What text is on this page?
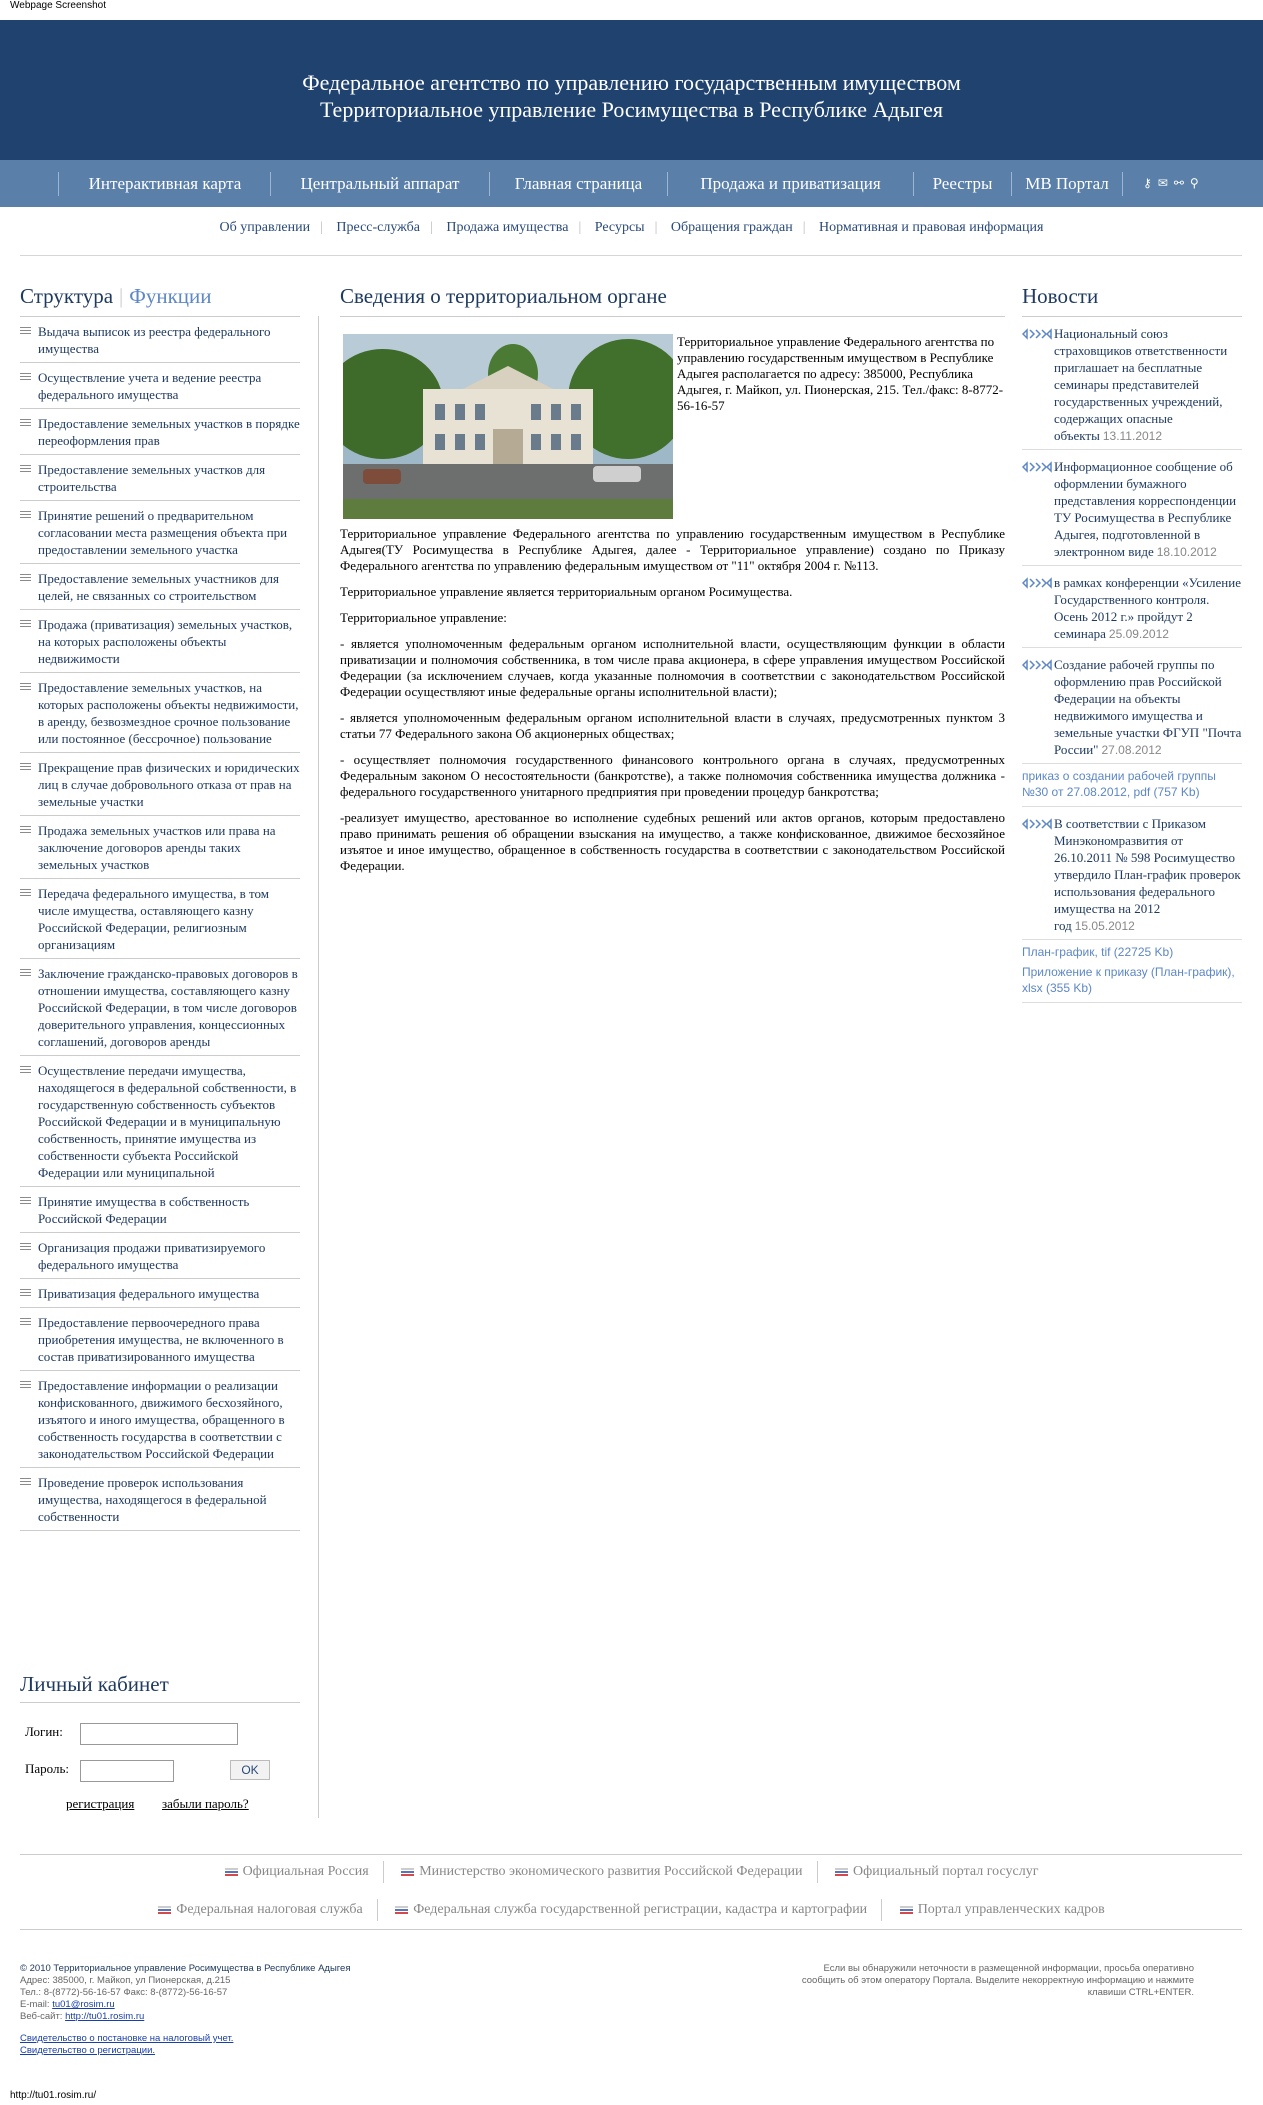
Webpage Screenshot
Федеральное агентство по управлению государственным имуществом
Территориальное управление Росимущества в Республике Адыгея
Интерактивная карта	Центральный аппарат	Главная страница	Продажа и приватизация	Реестры	МВ Портал	⚷✉⚯⚲
Об управлении | Пресс-служба | Продажа имущества | Ресурсы | Обращения граждан | Нормативная и правовая информация
Структура | Функции
Выдача выписок из реестра федерального имущества
Осуществление учета и ведение реестра федерального имущества
Предоставление земельных участков в порядке переоформления прав
Предоставление земельных участков для строительства
Принятие решений о предварительном согласовании места размещения объекта при предоставлении земельного участка
Предоставление земельных участников для целей, не связанных со строительством
Продажа (приватизация) земельных участков, на которых расположены объекты недвижимости
Предоставление земельных участков, на которых расположены объекты недвижимости, в аренду, безвозмездное срочное пользование или постоянное (бессрочное) пользование
Прекращение прав физических и юридических лиц в случае добровольного отказа от прав на земельные участки
Продажа земельных участков или права на заключение договоров аренды таких земельных участков
Передача федерального имущества, в том числе имущества, оставляющего казну Российской Федерации, религиозным организациям
Заключение гражданско-правовых договоров в отношении имущества, составляющего казну Российской Федерации, в том числе договоров доверительного управления, концессионных соглашений, договоров аренды
Осуществление передачи имущества, находящегося в федеральной собственности, в государственную собственность субъектов Российской Федерации и в муниципальную собственность, принятие имущества из собственности субъекта Российской Федерации или муниципальной
Принятие имущества в собственность Российской Федерации
Организация продажи приватизируемого федерального имущества
Приватизация федерального имущества
Предоставление первоочередного права приобретения имущества, не включенного в состав приватизированного имущества
Предоставление информации о реализации конфискованного, движимого бесхозяйного, изъятого и иного имущества, обращенного в собственность государства в соответствии с законодательством Российской Федерации
Проведение проверок использования имущества, находящегося в федеральной собственности
Личный кабинет
Логин:
Пароль:	OK
регистрация забыли пароль?
Сведения о территориальном органе
Территориальное управление Федерального агентства по управлению государственным имуществом в Республике Адыгея располагается по адресу: 385000, Республика Адыгея, г. Майкоп, ул. Пионерская, 215. Тел./факс: 8-8772-56-16-57

Территориальное управление Федерального агентства по управлению государственным имуществом в Республике Адыгея(ТУ Росимущества в Республике Адыгея, далее - Территориальное управление) создано по Приказу Федерального агентства по управлению федеральным имуществом от "11" октября 2004 г. №113.

Территориальное управление является территориальным органом Росимущества.

Территориальное управление:

- является уполномоченным федеральным органом исполнительной власти, осуществляющим функции в области приватизации и полномочия собственника, в том числе права акционера, в сфере управления имуществом Российской Федерации (за исключением случаев, когда указанные полномочия в соответствии с законодательством Российской Федерации осуществляют иные федеральные органы исполнительной власти);

- является уполномоченным федеральным органом исполнительной власти в случаях, предусмотренных пунктом 3 статьи 77 Федерального закона Об акционерных обществах;

- осуществляет полномочия государственного финансового контрольного органа в случаях, предусмотренных Федеральным законом О несостоятельности (банкротстве), а также полномочия собственника имущества должника - федерального государственного унитарного предприятия при проведении процедур банкротства;

-реализует имущество, арестованное во исполнение судебных решений или актов органов, которым предоставлено право принимать решения об обращении взыскания на имущество, а также конфискованное, движимое бесхозяйное изъятое и иное имущество, обращенное в собственность государства в соответствии с законодательством Российской Федерации.

Новости
Национальный союз страховщиков ответственности приглашает на бесплатные семинары представителей государственных учреждений, содержащих опасные объекты 13.11.2012
Информационное сообщение об оформлении бумажного представления корреспонденции ТУ Росимущества в Республике Адыгея, подготовленной в электронном виде 18.10.2012
в рамках конференции «Усиление Государственного контроля. Осень 2012 г.» пройдут 2 семинара 25.09.2012
Создание рабочей группы по оформлению прав Российской Федерации на объекты недвижимого имущества и земельные участки ФГУП "Почта России" 27.08.2012
приказ о создании рабочей группы №30 от 27.08.2012, pdf (757 Kb)
В соответствии с Приказом Минэкономразвития от 26.10.2011 № 598 Росимущество утвердило План-график проверок использования федерального имущества на 2012 год 15.05.2012
План-график, tif (22725 Kb)
Приложение к приказу (План-график), xlsx (355 Kb)
Официальная Россия	Министерство экономического развития Российской Федерации	Официальный портал госуслуг
Федеральная налоговая служба	Федеральная служба государственной регистрации, кадастра и картографии	Портал управленческих кадров
© 2010 Территориальное управление Росимущества в Республике Адыгея
Адрес: 385000, г. Майкоп, ул Пионерская, д.215
Тел.: 8-(8772)-56-16-57 Факс: 8-(8772)-56-16-57
E-mail: tu01@rosim.ru
Веб-сайт: http://tu01.rosim.ru
Свидетельство о постановке на налоговый учет.
Свидетельство о регистрации.
Если вы обнаружили неточности в размещенной информации, просьба оперативно сообщить об этом оператору Портала. Выделите некорректную информацию и нажмите клавиши CTRL+ENTER.
http://tu01.rosim.ru/
